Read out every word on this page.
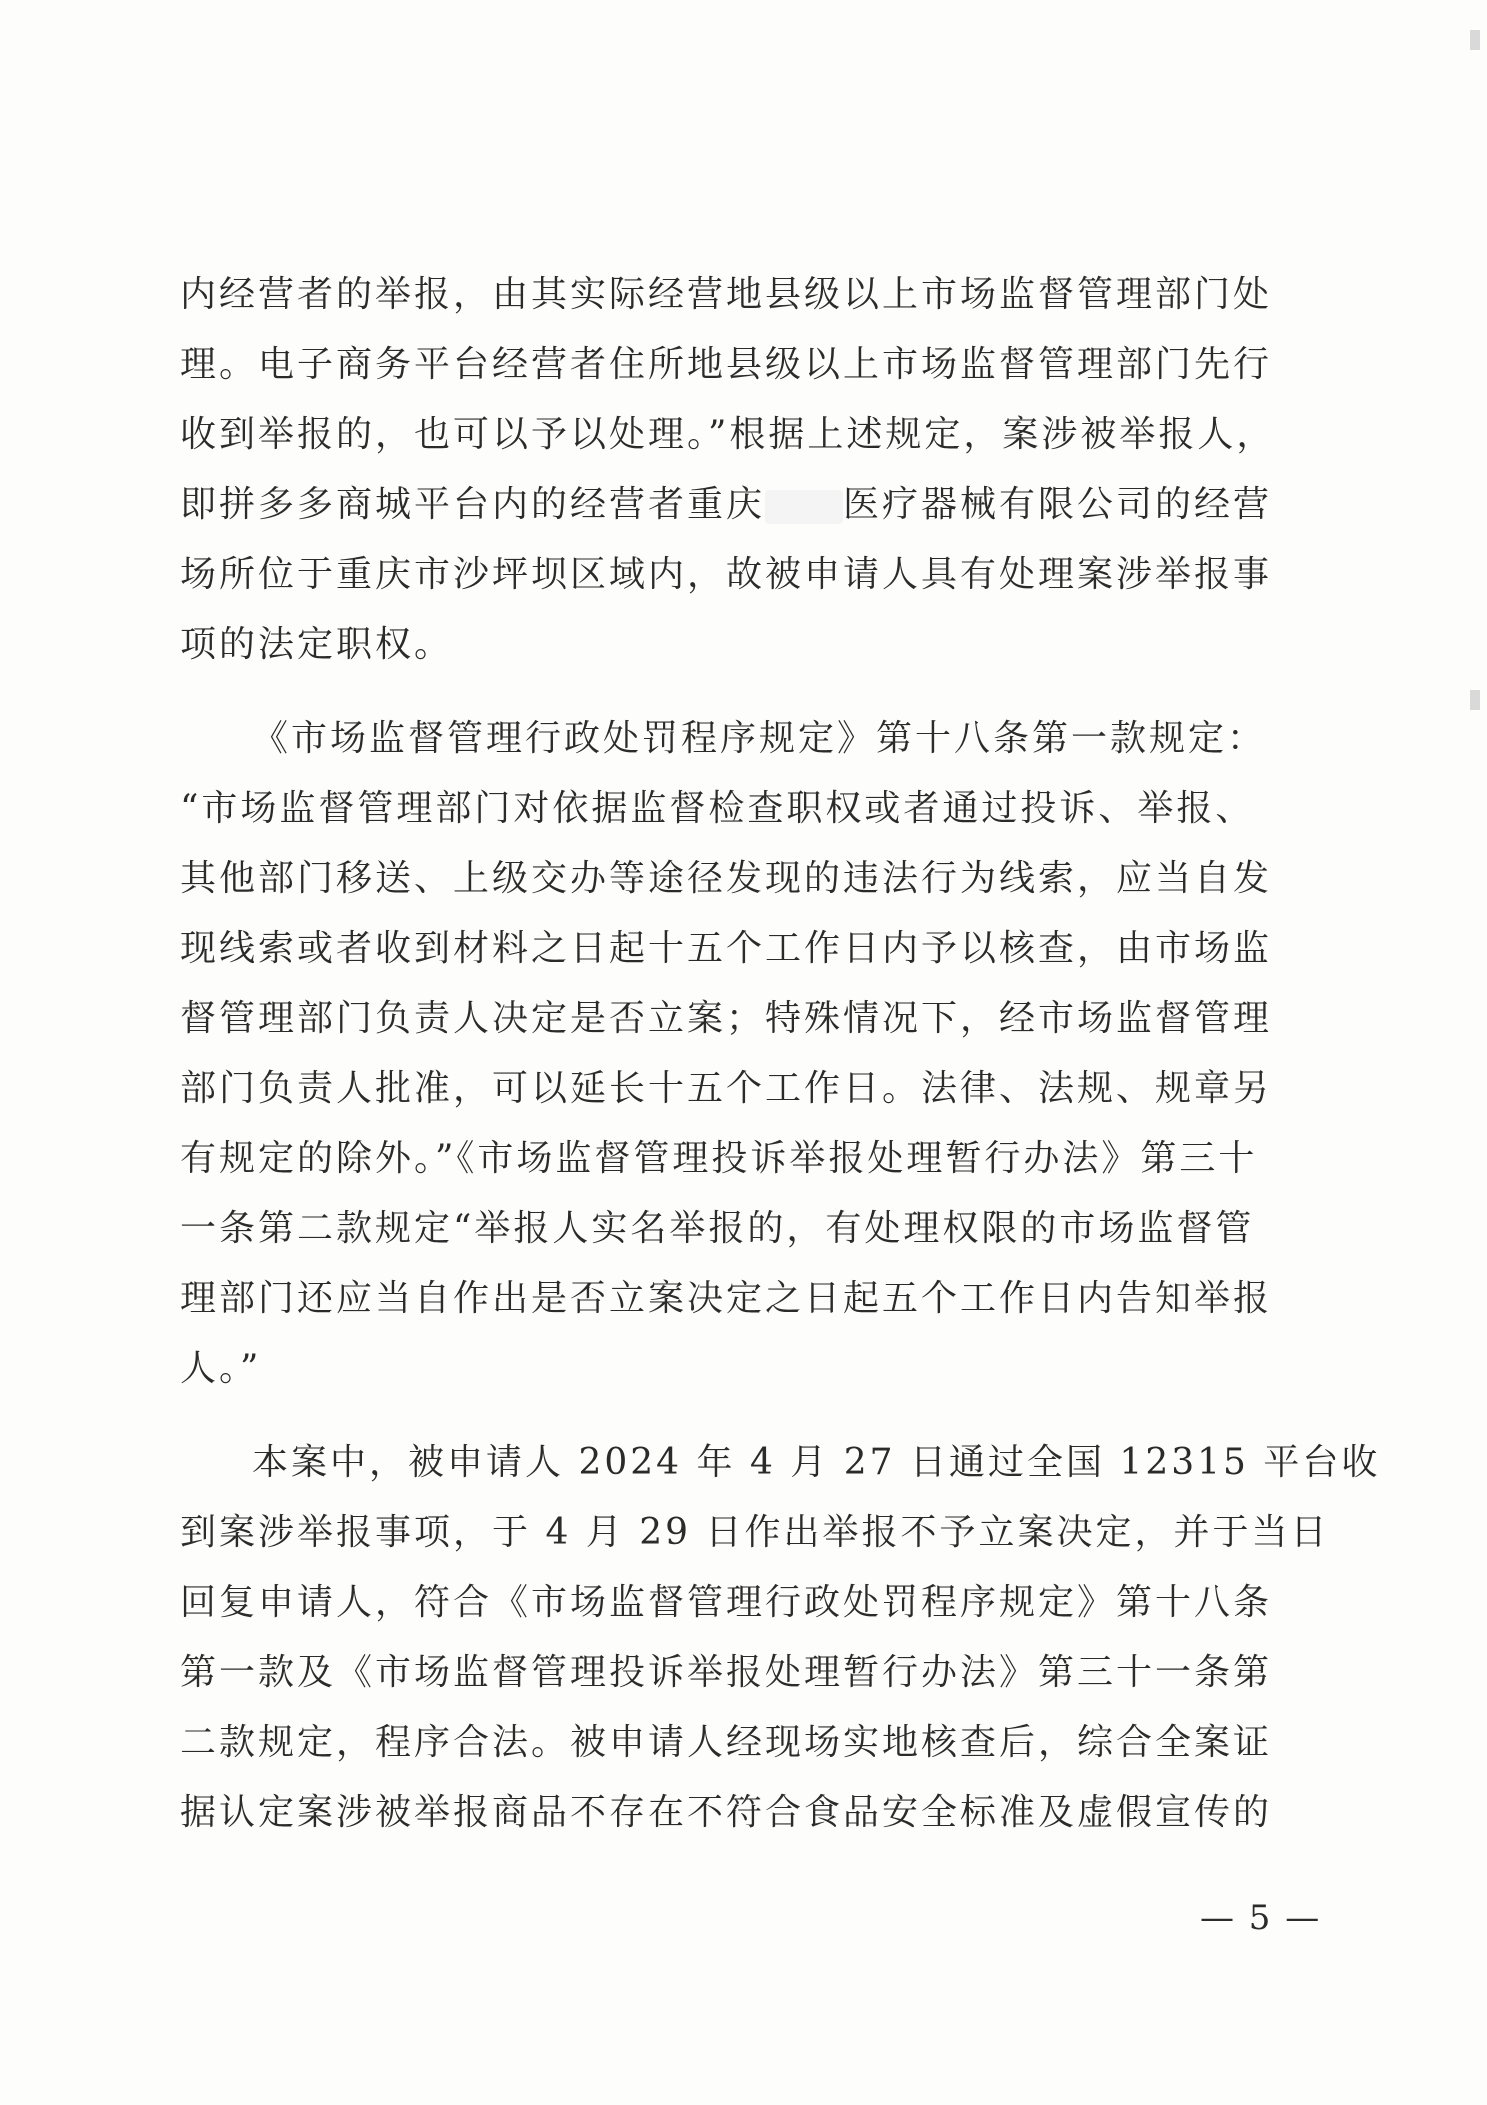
内经营者的举报，由其实际经营地县级以上市场监督管理部门处
理。电子商务平台经营者住所地县级以上市场监督管理部门先行
收到举报的，也可以予以处理。”根据上述规定，案涉被举报人，
即拼多多商城平台内的经营者重庆 医疗器械有限公司的经营
场所位于重庆市沙坪坝区域内，故被申请人具有处理案涉举报事
项的法定职权。
《市场监督管理行政处罚程序规定》第十八条第一款规定：
“市场监督管理部门对依据监督检查职权或者通过投诉、举报、
其他部门移送、上级交办等途径发现的违法行为线索，应当自发
现线索或者收到材料之日起十五个工作日内予以核查，由市场监
督管理部门负责人决定是否立案；特殊情况下，经市场监督管理
部门负责人批准，可以延长十五个工作日。法律、法规、规章另
有规定的除外。”《市场监督管理投诉举报处理暂行办法》第三十
一条第二款规定“举报人实名举报的，有处理权限的市场监督管
理部门还应当自作出是否立案决定之日起五个工作日内告知举报
人。”
本案中，被申请人 2024 年 4 月 27 日通过全国 12315 平台收
到案涉举报事项，于 4 月 29 日作出举报不予立案决定，并于当日
回复申请人，符合《市场监督管理行政处罚程序规定》第十八条
第一款及《市场监督管理投诉举报处理暂行办法》第三十一条第
二款规定，程序合法。被申请人经现场实地核查后，综合全案证
据认定案涉被举报商品不存在不符合食品安全标准及虚假宣传的
— 5 —
